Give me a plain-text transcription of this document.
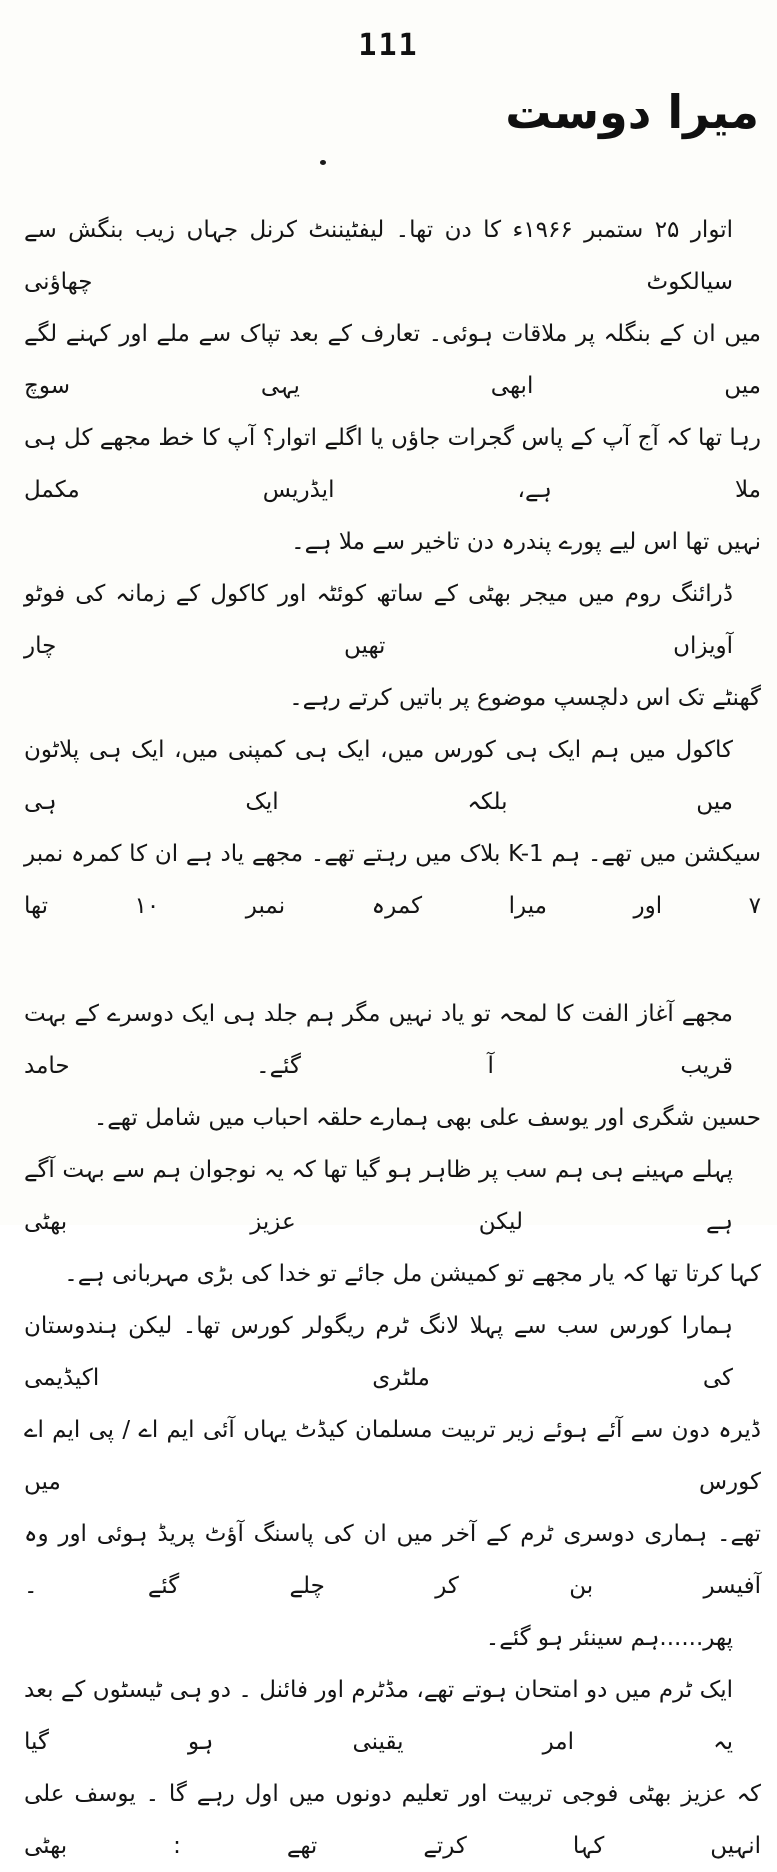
111
میرا دوست
اتوار ۲۵ ستمبر ۱۹۶۶ء کا دن تھا۔ لیفٹیننٹ کرنل جہاں زیب بنگش سے سیالکوٹ چھاؤنی
میں ان کے بنگلہ پر ملاقات ہوئی۔ تعارف کے بعد تپاک سے ملے اور کہنے لگے میں ابھی یہی سوچ
رہا تھا کہ آج آپ کے پاس گجرات جاؤں یا اگلے اتوار؟ آپ کا خط مجھے کل ہی ملا ہے، ایڈریس مکمل
نہیں تھا اس لیے پورے پندرہ دن تاخیر سے ملا ہے۔
ڈرائنگ روم میں میجر بھٹی کے ساتھ کوئٹہ اور کاکول کے زمانہ کی فوٹو آویزاں تھیں چار
گھنٹے تک اس دلچسپ موضوع پر باتیں کرتے رہے۔
کاکول میں ہم ایک ہی کورس میں، ایک ہی کمپنی میں، ایک ہی پلاٹون میں بلکہ ایک ہی
سیکشن میں تھے۔ ہم K-1 بلاک میں رہتے تھے۔ مجھے یاد ہے ان کا کمرہ نمبر ۷ اور میرا کمرہ نمبر ۱۰ تھا
مجھے آغاز الفت کا لمحہ تو یاد نہیں مگر ہم جلد ہی ایک دوسرے کے بہت قریب آ گئے۔ حامد
حسین شگری اور یوسف علی بھی ہمارے حلقہ احباب میں شامل تھے۔
پہلے مہینے ہی ہم سب پر ظاہر ہو گیا تھا کہ یہ نوجوان ہم سے بہت آگے ہے لیکن عزیز بھٹی
کہا کرتا تھا کہ یار مجھے تو کمیشن مل جائے تو خدا کی بڑی مہربانی ہے۔
ہمارا کورس سب سے پہلا لانگ ٹرم ریگولر کورس تھا۔ لیکن ہندوستان کی ملٹری اکیڈیمی
ڈیرہ دون سے آئے ہوئے زیر تربیت مسلمان کیڈٹ یہاں آئی ایم اے / پی ایم اے کورس میں
تھے۔ ہماری دوسری ٹرم کے آخر میں ان کی پاسنگ آؤٹ پریڈ ہوئی اور وہ آفیسر بن کر چلے گئے ۔
پھر......ہم سینئر ہو گئے۔
ایک ٹرم میں دو امتحان ہوتے تھے، مڈٹرم اور فائنل ۔ دو ہی ٹیسٹوں کے بعد یہ امر یقینی ہو گیا
کہ عزیز بھٹی فوجی تربیت اور تعلیم دونوں میں اول رہے گا ۔ یوسف علی انہیں کہا کرتے تھے : بھٹی
